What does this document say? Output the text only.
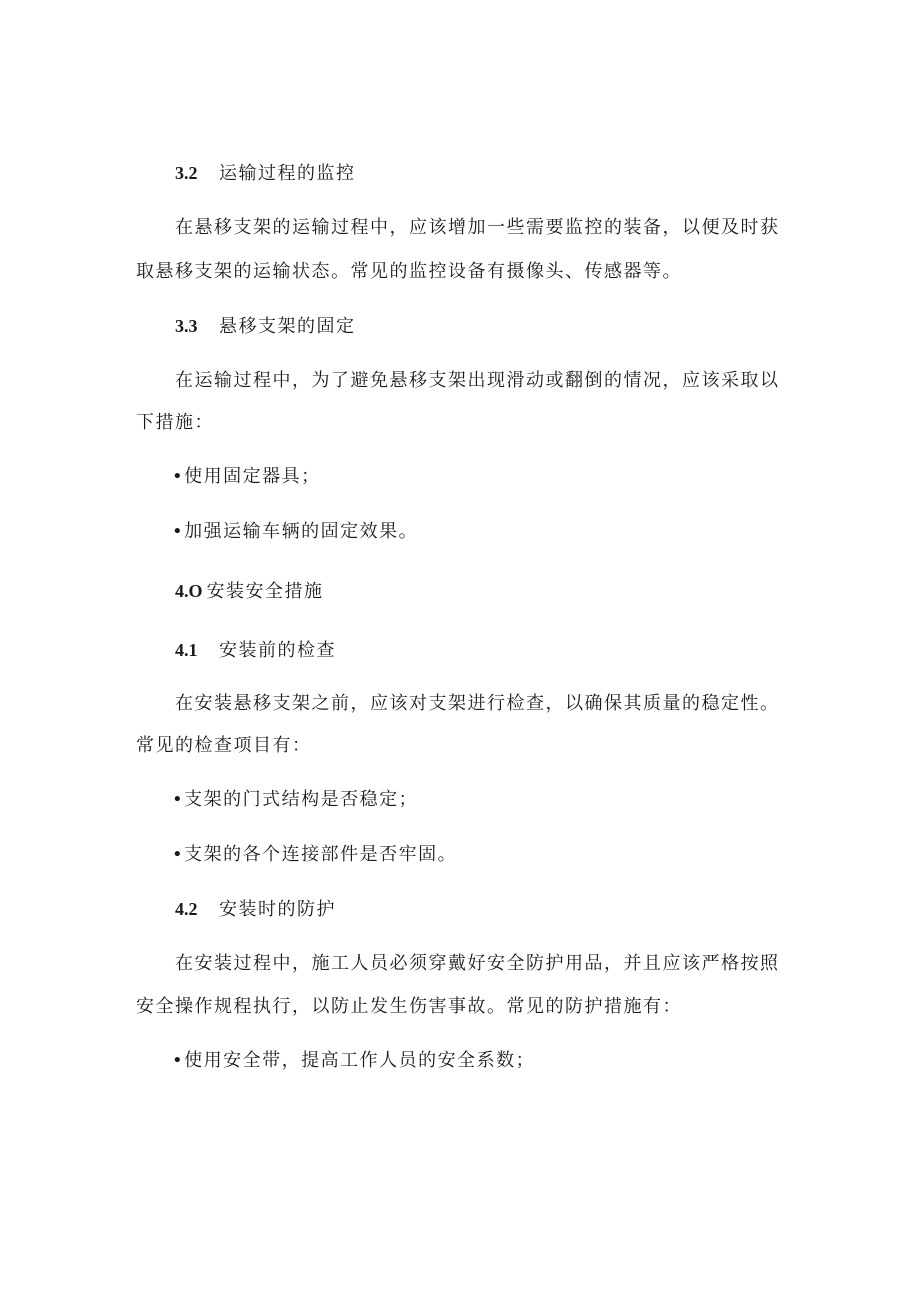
3.2 运输过程的监控
在悬移支架的运输过程中，应该增加一些需要监控的装备，以便及时获
取悬移支架的运输状态。常见的监控设备有摄像头、传感器等。
3.3 悬移支架的固定
在运输过程中，为了避免悬移支架出现滑动或翻倒的情况，应该采取以
下措施：
•使用固定器具；
•加强运输车辆的固定效果。
4.O 安装安全措施
4.1 安装前的检查
在安装悬移支架之前，应该对支架进行检查，以确保其质量的稳定性。
常见的检查项目有：
•支架的门式结构是否稳定；
•支架的各个连接部件是否牢固。
4.2 安装时的防护
在安装过程中，施工人员必须穿戴好安全防护用品，并且应该严格按照
安全操作规程执行，以防止发生伤害事故。常见的防护措施有：
•使用安全带，提高工作人员的安全系数；
